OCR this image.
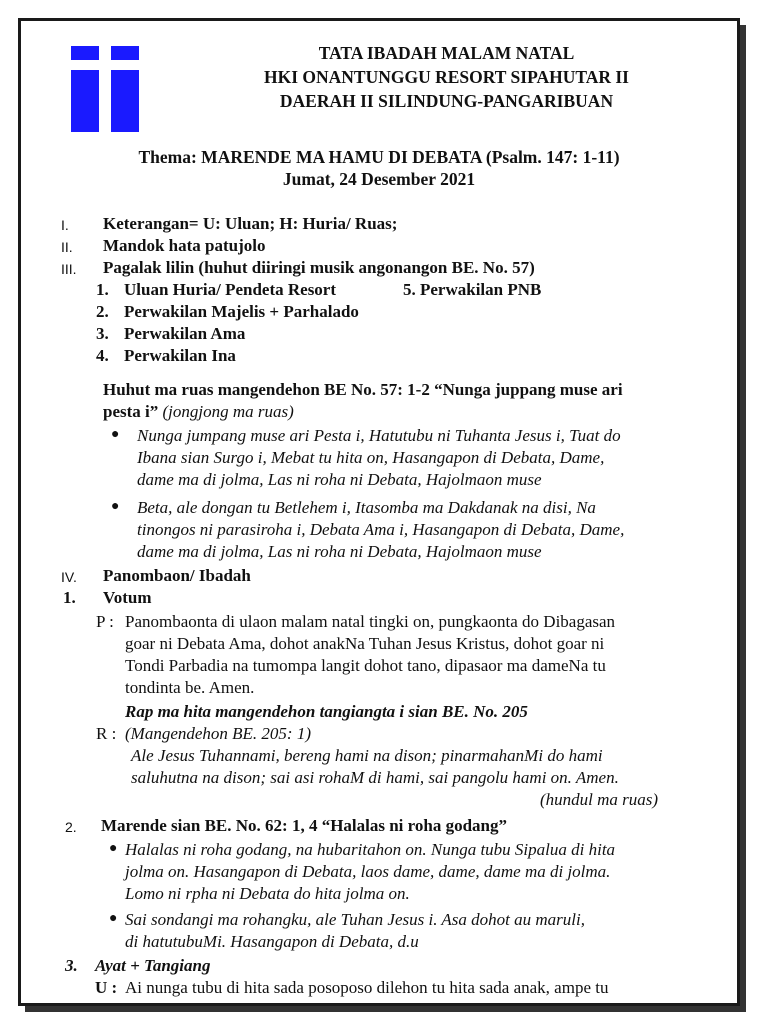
TATA IBADAH MALAM NATAL
HKI ONANTUNGGU RESORT SIPAHUTAR II
DAERAH II SILINDUNG-PANGARIBUAN
Thema: MARENDE MA HAMU DI DEBATA (Psalm. 147: 1-11)
Jumat, 24 Desember 2021
I. Keterangan= U: Uluan; H: Huria/ Ruas;
II. Mandok hata patujolo
III. Pagalak lilin (huhut diiringi musik angonangon BE. No. 57)
1. Uluan Huria/ Pendeta Resort	5. Perwakilan PNB
2. Perwakilan Majelis + Parhalado
3. Perwakilan Ama
4. Perwakilan Ina
Huhut ma ruas mangendehon BE No. 57: 1-2 “Nunga juppang muse ari
pesta i” (jongjong ma ruas)
● Nunga jumpang muse ari Pesta i, Hatutubu ni Tuhanta Jesus i, Tuat do
Ibana sian Surgo i, Mebat tu hita on, Hasangapon di Debata, Dame,
dame ma di jolma, Las ni roha ni Debata, Hajolmaon muse
● Beta, ale dongan tu Betlehem i, Itasomba ma Dakdanak na disi, Na
tinongos ni parasiroha i, Debata Ama i, Hasangapon di Debata, Dame,
dame ma di jolma, Las ni roha ni Debata, Hajolmaon muse
IV. Panombaon/ Ibadah
1. Votum
P : Panombaonta di ulaon malam natal tingki on, pungkaonta do Dibagasan
goar ni Debata Ama, dohot anakNa Tuhan Jesus Kristus, dohot goar ni
Tondi Parbadia na tumompa langit dohot tano, dipasaor ma dameNa tu
tondinta be. Amen.
Rap ma hita mangendehon tangiangta i sian BE. No. 205
R : (Mangendehon BE. 205: 1)
Ale Jesus Tuhannami, bereng hami na dison; pinarmahanMi do hami
saluhutna na dison; sai asi rohaM di hami, sai pangolu hami on. Amen.
(hundul ma ruas)
2. Marende sian BE. No. 62: 1, 4 “Halalas ni roha godang”
● Halalas ni roha godang, na hubaritahon on. Nunga tubu Sipalua di hita
jolma on. Hasangapon di Debata, laos dame, dame, dame ma di jolma.
Lomo ni rpha ni Debata do hita jolma on.
● Sai sondangi ma rohangku, ale Tuhan Jesus i. Asa dohot au maruli,
di hatutubuMi. Hasangapon di Debata, d.u
3. Ayat + Tangiang
U : Ai nunga tubu di hita sada posoposo dilehon tu hita sada anak, ampe tu
